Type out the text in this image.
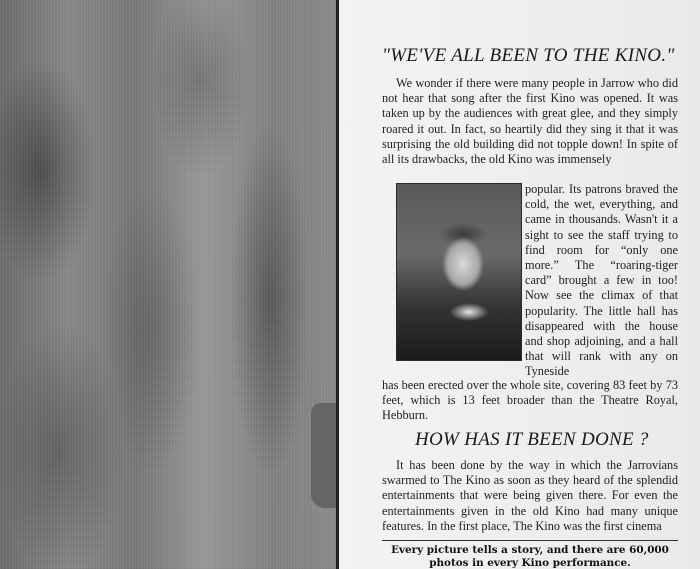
"WE'VE ALL BEEN TO THE KINO."
We wonder if there were many people in Jarrow who did not hear that song after the first Kino was opened. It was taken up by the audiences with great glee, and they simply roared it out. In fact, so heartily did they sing it that it was surprising the old building did not topple down! In spite of all its drawbacks, the old Kino was immensely
popular. Its patrons braved the cold, the wet, everything, and came in thousands. Wasn't it a sight to see the staff trying to find room for “only one more.” The “roaring-tiger card” brought a few in too! Now see the climax of that popularity. The little hall has disappeared with the house and shop adjoining, and a hall that will rank with any on Tyneside
has been erected over the whole site, covering 83 feet by 73 feet, which is 13 feet broader than the Theatre Royal, Hebburn.
HOW HAS IT BEEN DONE ?
It has been done by the way in which the Jarrovians swarmed to The Kino as soon as they heard of the splendid entertainments that were being given there. For even the entertainments given in the old Kino had many unique features. In the first place, The Kino was the first cinema
Every picture tells a story, and there are 60,000
photos in every Kino performance.
